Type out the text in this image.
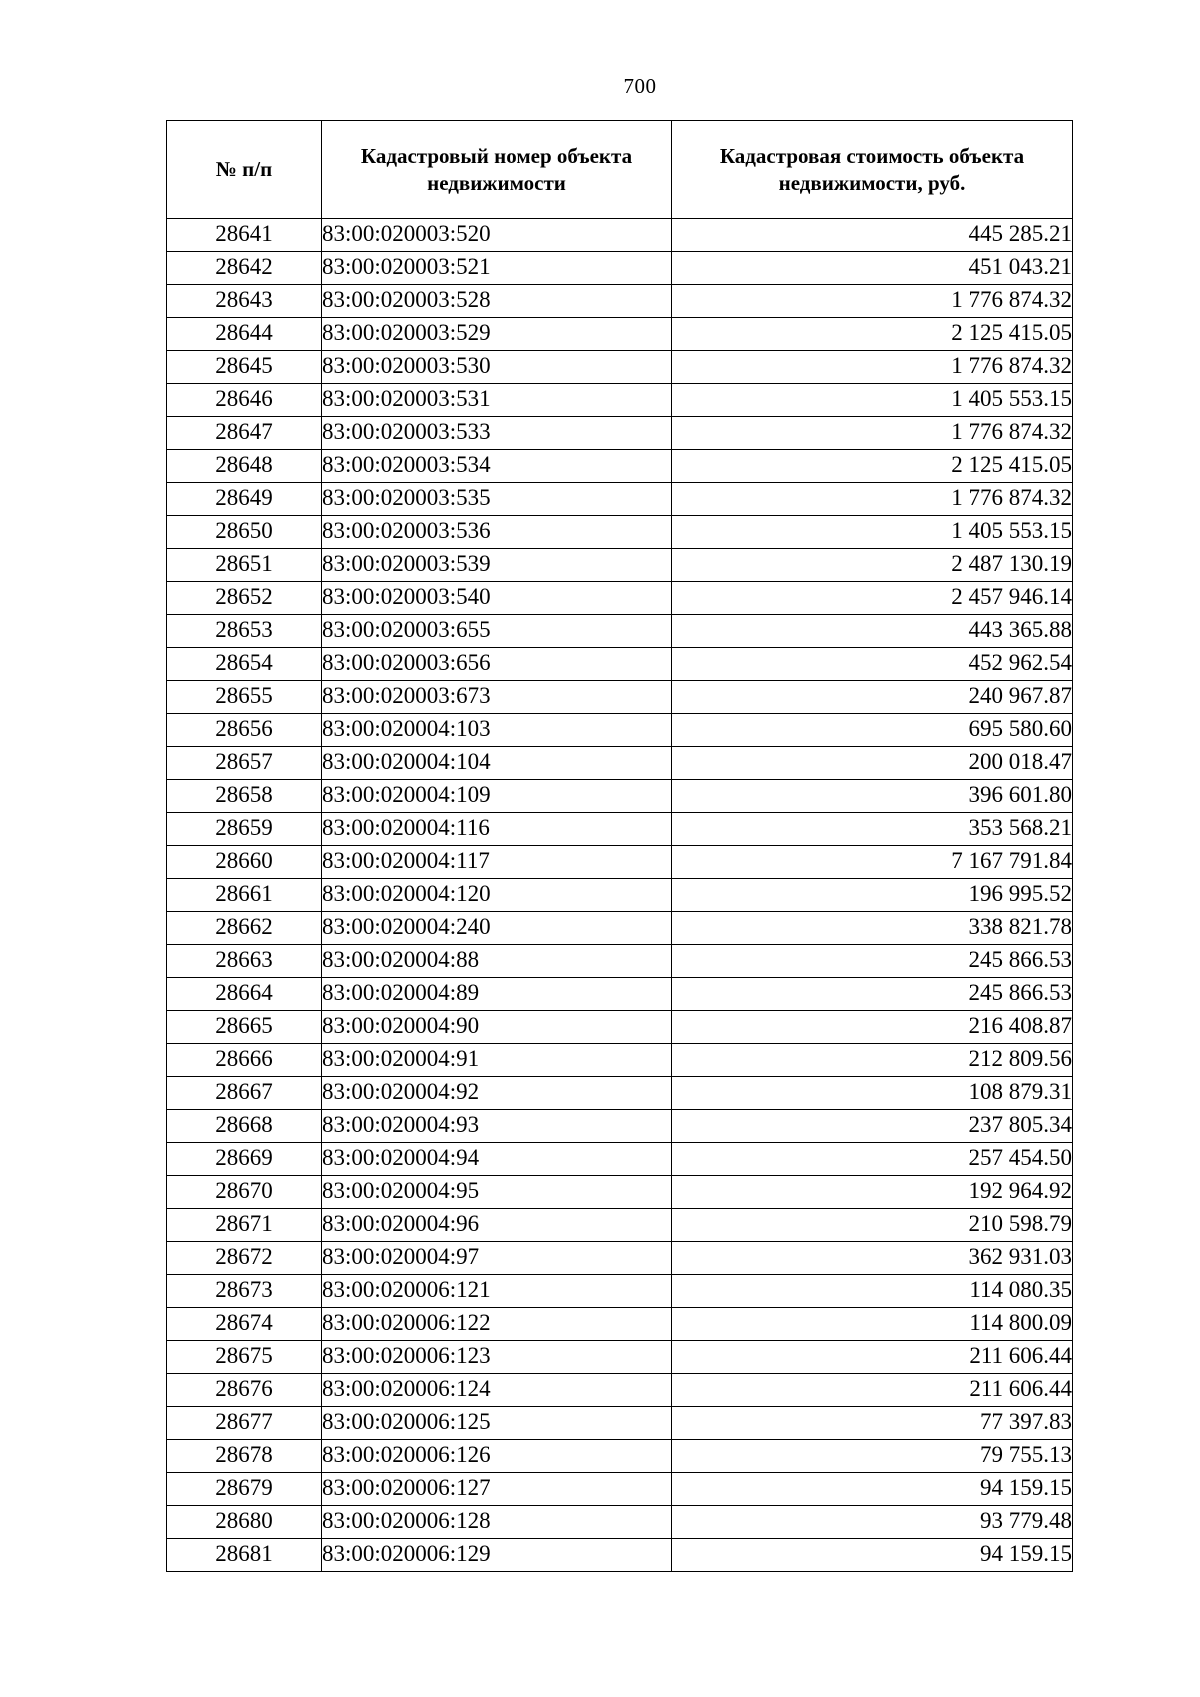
700
№ п/п	Кадастровый номер объекта недвижимости	Кадастровая стоимость объекта недвижимости, руб.
28641	83:00:020003:520	445 285.21
28642	83:00:020003:521	451 043.21
28643	83:00:020003:528	1 776 874.32
28644	83:00:020003:529	2 125 415.05
28645	83:00:020003:530	1 776 874.32
28646	83:00:020003:531	1 405 553.15
28647	83:00:020003:533	1 776 874.32
28648	83:00:020003:534	2 125 415.05
28649	83:00:020003:535	1 776 874.32
28650	83:00:020003:536	1 405 553.15
28651	83:00:020003:539	2 487 130.19
28652	83:00:020003:540	2 457 946.14
28653	83:00:020003:655	443 365.88
28654	83:00:020003:656	452 962.54
28655	83:00:020003:673	240 967.87
28656	83:00:020004:103	695 580.60
28657	83:00:020004:104	200 018.47
28658	83:00:020004:109	396 601.80
28659	83:00:020004:116	353 568.21
28660	83:00:020004:117	7 167 791.84
28661	83:00:020004:120	196 995.52
28662	83:00:020004:240	338 821.78
28663	83:00:020004:88	245 866.53
28664	83:00:020004:89	245 866.53
28665	83:00:020004:90	216 408.87
28666	83:00:020004:91	212 809.56
28667	83:00:020004:92	108 879.31
28668	83:00:020004:93	237 805.34
28669	83:00:020004:94	257 454.50
28670	83:00:020004:95	192 964.92
28671	83:00:020004:96	210 598.79
28672	83:00:020004:97	362 931.03
28673	83:00:020006:121	114 080.35
28674	83:00:020006:122	114 800.09
28675	83:00:020006:123	211 606.44
28676	83:00:020006:124	211 606.44
28677	83:00:020006:125	77 397.83
28678	83:00:020006:126	79 755.13
28679	83:00:020006:127	94 159.15
28680	83:00:020006:128	93 779.48
28681	83:00:020006:129	94 159.15
